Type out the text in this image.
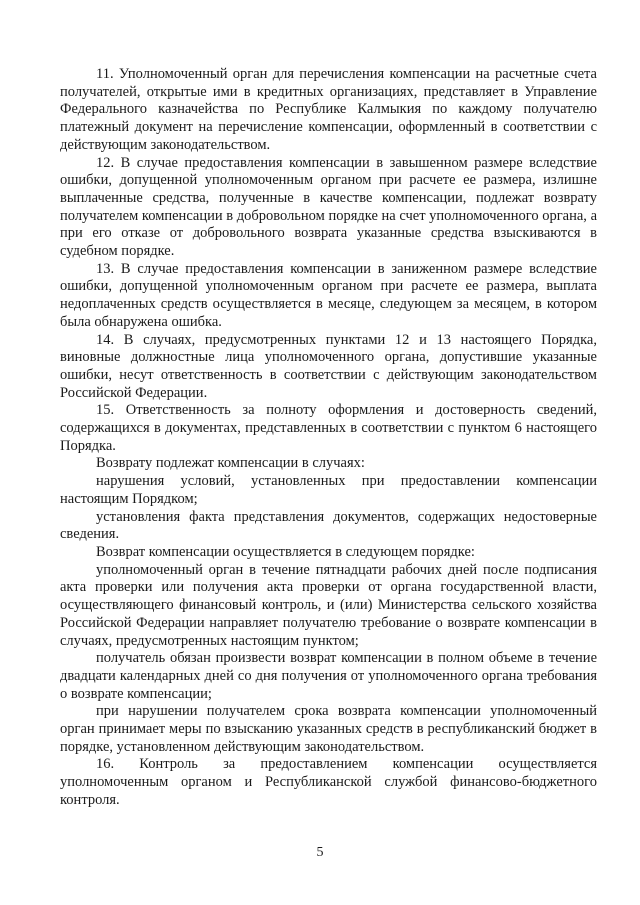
11. Уполномоченный орган для перечисления компенсации на расчетные счета получателей, открытые ими в кредитных организациях, представляет в Управление Федерального казначейства по Республике Калмыкия по каждому получателю платежный документ на перечисление компенсации, оформленный в соответствии с действующим законодательством.

12. В случае предоставления компенсации в завышенном размере вследствие ошибки, допущенной уполномоченным органом при расчете ее размера, излишне выплаченные средства, полученные в качестве компенсации, подлежат возврату получателем компенсации в добровольном порядке на счет уполномоченного органа, а при его отказе от добровольного возврата указанные средства взыскиваются в судебном порядке.

13. В случае предоставления компенсации в заниженном размере вследствие ошибки, допущенной уполномоченным органом при расчете ее размера, выплата недоплаченных средств осуществляется в месяце, следующем за месяцем, в котором была обнаружена ошибка.

14. В случаях, предусмотренных пунктами 12 и 13 настоящего Порядка, виновные должностные лица уполномоченного органа, допустившие указанные ошибки, несут ответственность в соответствии с действующим законодательством Российской Федерации.

15. Ответственность за полноту оформления и достоверность сведений, содержащихся в документах, представленных в соответствии с пунктом 6 настоящего Порядка.

Возврату подлежат компенсации в случаях:

нарушения условий, установленных при предоставлении компенсации настоящим Порядком;

установления факта представления документов, содержащих недостоверные сведения.

Возврат компенсации осуществляется в следующем порядке:

уполномоченный орган в течение пятнадцати рабочих дней после подписания акта проверки или получения акта проверки от органа государственной власти, осуществляющего финансовый контроль, и (или) Министерства сельского хозяйства Российской Федерации направляет получателю требование о возврате компенсации в случаях, предусмотренных настоящим пунктом;

получатель обязан произвести возврат компенсации в полном объеме в течение двадцати календарных дней со дня получения от уполномоченного органа требования о возврате компенсации;

при нарушении получателем срока возврата компенсации уполномоченный орган принимает меры по взысканию указанных средств в республиканский бюджет в порядке, установленном действующим законодательством.

16. Контроль за предоставлением компенсации осуществляется уполномоченным органом и Республиканской службой финансово-бюджетного контроля.

5
